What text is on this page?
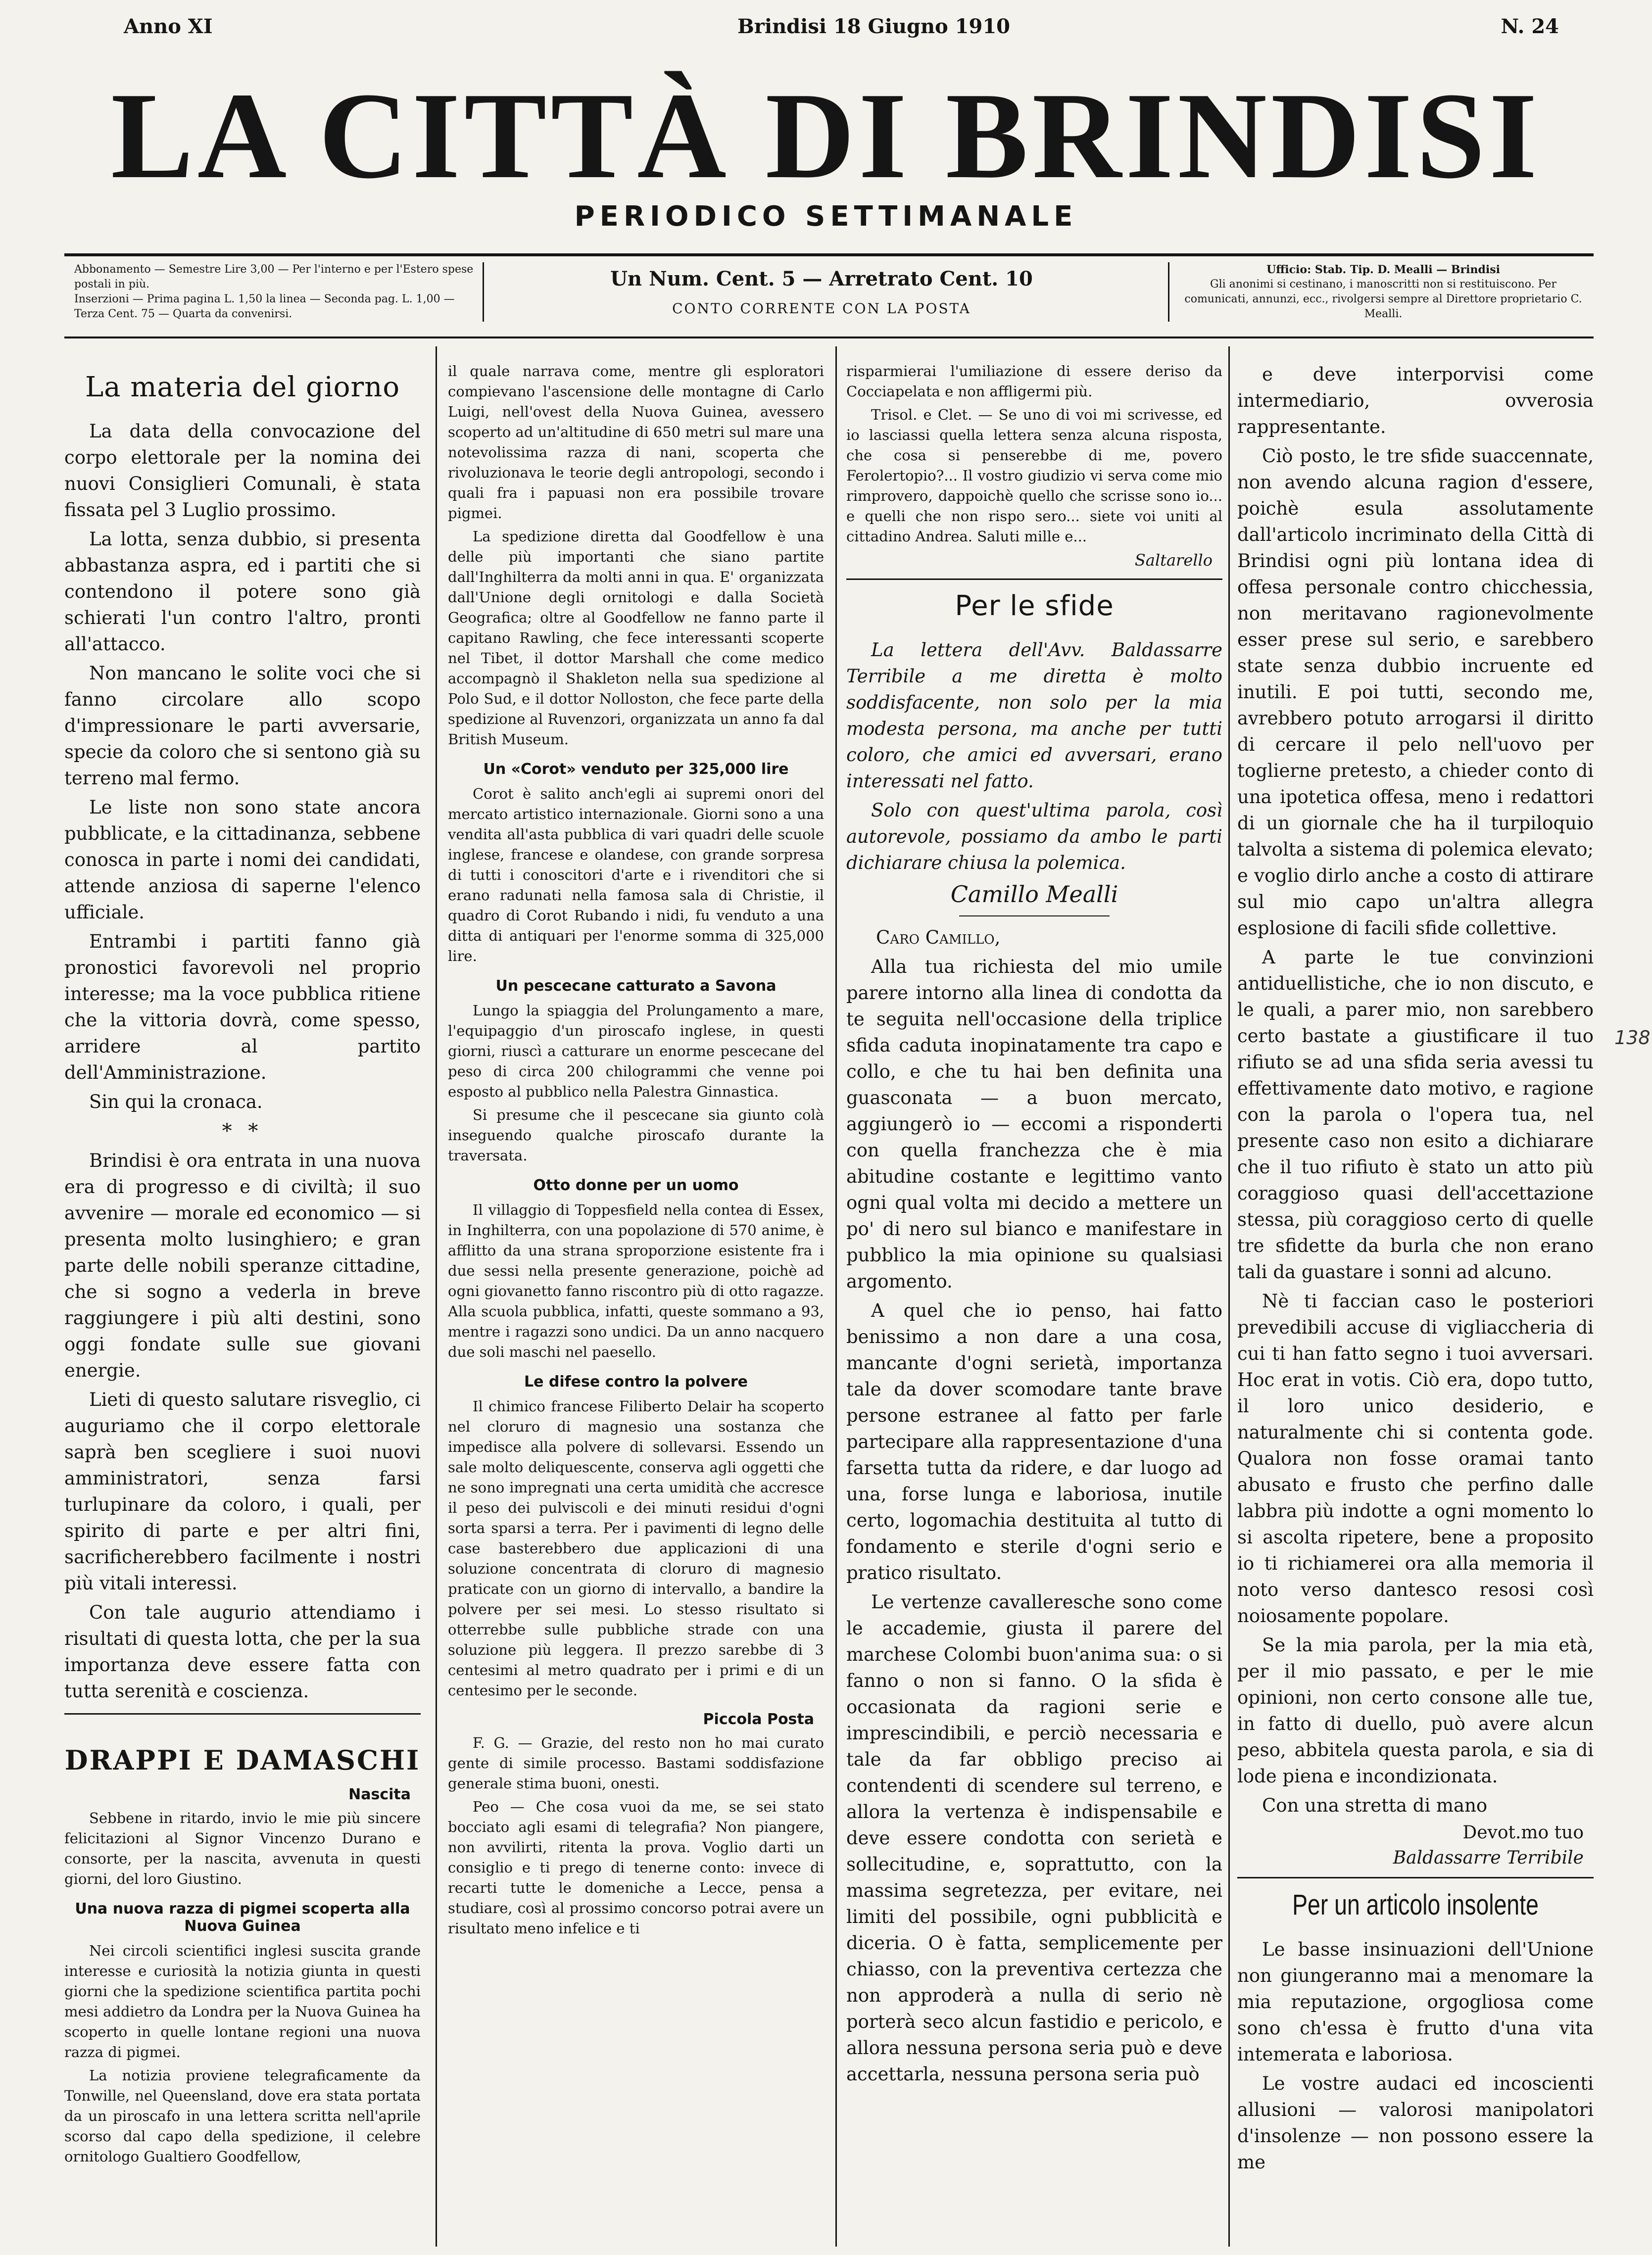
Anno XI	Brindisi 18 Giugno 1910	N. 24
LA CITTÀ DI BRINDISI
PERIODICO SETTIMANALE
Abbonamento — Semestre Lire 3,00 — Per l'interno e per l'Estero spese postali in più.
Inserzioni — Prima pagina L. 1,50 la linea — Seconda pag. L. 1,00 — Terza Cent. 75 — Quarta da convenirsi.
Un Num. Cent. 5 — Arretrato Cent. 10
CONTO CORRENTE CON LA POSTA
Ufficio: Stab. Tip. D. Mealli — Brindisi
Gli anonimi si cestinano, i manoscritti non si restituiscono. Per comunicati, annunzi, ecc., rivolgersi sempre al Direttore proprietario C. Mealli.
La materia del giorno

La data della convocazione del corpo elettorale per la nomina dei nuovi Consiglieri Comunali, è stata fissata pel 3 Luglio prossimo.

La lotta, senza dubbio, si presenta abbastanza aspra, ed i partiti che si contendono il potere sono già schierati l'un contro l'altro, pronti all'attacco.

Non mancano le solite voci che si fanno circolare allo scopo d'impressionare le parti avversarie, specie da coloro che si sentono già su terreno mal fermo.

Le liste non sono state ancora pubblicate, e la cittadinanza, sebbene conosca in parte i nomi dei candidati, attende anziosa di saperne l'elenco ufficiale.

Entrambi i partiti fanno già pronostici favorevoli nel proprio interesse; ma la voce pubblica ritiene che la vittoria dovrà, come spesso, arridere al partito dell'Amministrazione.

Sin qui la cronaca.

* *

Brindisi è ora entrata in una nuova era di progresso e di civiltà; il suo avvenire — morale ed economico — si presenta molto lusinghiero; e gran parte delle nobili speranze cittadine, che si sogno a vederla in breve raggiungere i più alti destini, sono oggi fondate sulle sue giovani energie.

Lieti di questo salutare risveglio, ci auguriamo che il corpo elettorale saprà ben scegliere i suoi nuovi amministratori, senza farsi turlupinare da coloro, i quali, per spirito di parte e per altri fini, sacrificherebbero facilmente i nostri più vitali interessi.

Con tale augurio attendiamo i risultati di questa lotta, che per la sua importanza deve essere fatta con tutta serenità e coscienza.

DRAPPI E DAMASCHI
Nascita

Sebbene in ritardo, invio le mie più sincere felicitazioni al Signor Vincenzo Durano e consorte, per la nascita, avvenuta in questi giorni, del loro Giustino.

Una nuova razza di pigmei scoperta alla Nuova Guinea

Nei circoli scientifici inglesi suscita grande interesse e curiosità la notizia giunta in questi giorni che la spedizione scientifica partita pochi mesi addietro da Londra per la Nuova Guinea ha scoperto in quelle lontane regioni una nuova razza di pigmei.

La notizia proviene telegraficamente da Tonwille, nel Queensland, dove era stata portata da un piroscafo in una lettera scritta nell'aprile scorso dal capo della spedizione, il celebre ornitologo Gualtiero Goodfellow,

il quale narrava come, mentre gli esploratori compievano l'ascensione delle montagne di Carlo Luigi, nell'ovest della Nuova Guinea, avessero scoperto ad un'altitudine di 650 metri sul mare una notevolissima razza di nani, scoperta che rivoluzionava le teorie degli antropologi, secondo i quali fra i papuasi non era possibile trovare pigmei.

La spedizione diretta dal Goodfellow è una delle più importanti che siano partite dall'Inghilterra da molti anni in qua. E' organizzata dall'Unione degli ornitologi e dalla Società Geografica; oltre al Goodfellow ne fanno parte il capitano Rawling, che fece interessanti scoperte nel Tibet, il dottor Marshall che come medico accompagnò il Shakleton nella sua spedizione al Polo Sud, e il dottor Nolloston, che fece parte della spedizione al Ruvenzori, organizzata un anno fa dal British Museum.

Un «Corot» venduto per 325,000 lire

Corot è salito anch'egli ai supremi onori del mercato artistico internazionale. Giorni sono a una vendita all'asta pubblica di vari quadri delle scuole inglese, francese e olandese, con grande sorpresa di tutti i conoscitori d'arte e i rivenditori che si erano radunati nella famosa sala di Christie, il quadro di Corot Rubando i nidi, fu venduto a una ditta di antiquari per l'enorme somma di 325,000 lire.

Un pescecane catturato a Savona

Lungo la spiaggia del Prolungamento a mare, l'equipaggio d'un piroscafo inglese, in questi giorni, riuscì a catturare un enorme pescecane del peso di circa 200 chilogrammi che venne poi esposto al pubblico nella Palestra Ginnastica.

Si presume che il pescecane sia giunto colà inseguendo qualche piroscafo durante la traversata.

Otto donne per un uomo

Il villaggio di Toppesfield nella contea di Essex, in Inghilterra, con una popolazione di 570 anime, è afflitto da una strana sproporzione esistente fra i due sessi nella presente generazione, poichè ad ogni giovanetto fanno riscontro più di otto ragazze. Alla scuola pubblica, infatti, queste sommano a 93, mentre i ragazzi sono undici. Da un anno nacquero due soli maschi nel paesello.

Le difese contro la polvere

Il chimico francese Filiberto Delair ha scoperto nel cloruro di magnesio una sostanza che impedisce alla polvere di sollevarsi. Essendo un sale molto deliquescente, conserva agli oggetti che ne sono impregnati una certa umidità che accresce il peso dei pulviscoli e dei minuti residui d'ogni sorta sparsi a terra. Per i pavimenti di legno delle case basterebbero due applicazioni di una soluzione concentrata di cloruro di magnesio praticate con un giorno di intervallo, a bandire la polvere per sei mesi. Lo stesso risultato si otterrebbe sulle pubbliche strade con una soluzione più leggera. Il prezzo sarebbe di 3 centesimi al metro quadrato per i primi e di un centesimo per le seconde.

Piccola Posta

F. G. — Grazie, del resto non ho mai curato gente di simile processo. Bastami soddisfazione generale stima buoni, onesti.

Peo — Che cosa vuoi da me, se sei stato bocciato agli esami di telegrafia? Non piangere, non avvilirti, ritenta la prova. Voglio darti un consiglio e ti prego di tenerne conto: invece di recarti tutte le domeniche a Lecce, pensa a studiare, così al prossimo concorso potrai avere un risultato meno infelice e ti

risparmierai l'umiliazione di essere deriso da Cocciapelata e non affligermi più.

Trisol. e Clet. — Se uno di voi mi scrivesse, ed io lasciassi quella lettera senza alcuna risposta, che cosa si penserebbe di me, povero Ferolertopio?... Il vostro giudizio vi serva come mio rimprovero, dappoichè quello che scrisse sono io... e quelli che non rispo sero... siete voi uniti al cittadino Andrea. Saluti mille e...

Saltarello
Per le sfide

La lettera dell'Avv. Baldassarre Terribile a me diretta è molto soddisfacente, non solo per la mia modesta persona, ma anche per tutti coloro, che amici ed avversari, erano interessati nel fatto.

Solo con quest'ultima parola, così autorevole, possiamo da ambo le parti dichiarare chiusa la polemica.

Camillo Mealli

Caro Camillo,

Alla tua richiesta del mio umile parere intorno alla linea di condotta da te seguita nell'occasione della triplice sfida caduta inopinatamente tra capo e collo, e che tu hai ben definita una guasconata — a buon mercato, aggiungerò io — eccomi a risponderti con quella franchezza che è mia abitudine costante e legittimo vanto ogni qual volta mi decido a mettere un po' di nero sul bianco e manifestare in pubblico la mia opinione su qualsiasi argomento.

A quel che io penso, hai fatto benissimo a non dare a una cosa, mancante d'ogni serietà, importanza tale da dover scomodare tante brave persone estranee al fatto per farle partecipare alla rappresentazione d'una farsetta tutta da ridere, e dar luogo ad una, forse lunga e laboriosa, inutile certo, logomachia destituita al tutto di fondamento e sterile d'ogni serio e pratico risultato.

Le vertenze cavalleresche sono come le accademie, giusta il parere del marchese Colombi buon'anima sua: o si fanno o non si fanno. O la sfida è occasionata da ragioni serie e imprescindibili, e perciò necessaria e tale da far obbligo preciso ai contendenti di scendere sul terreno, e allora la vertenza è indispensabile e deve essere condotta con serietà e sollecitudine, e, soprattutto, con la massima segretezza, per evitare, nei limiti del possibile, ogni pubblicità e diceria. O è fatta, semplicemente per chiasso, con la preventiva certezza che non approderà a nulla di serio nè porterà seco alcun fastidio e pericolo, e allora nessuna persona seria può e deve accettarla, nessuna persona seria può

e deve interporvisi come intermediario, ovverosia rappresentante.

Ciò posto, le tre sfide suaccennate, non avendo alcuna ragion d'essere, poichè esula assolutamente dall'articolo incriminato della Città di Brindisi ogni più lontana idea di offesa personale contro chicchessia, non meritavano ragionevolmente esser prese sul serio, e sarebbero state senza dubbio incruente ed inutili. E poi tutti, secondo me, avrebbero potuto arrogarsi il diritto di cercare il pelo nell'uovo per toglierne pretesto, a chieder conto di una ipotetica offesa, meno i redattori di un giornale che ha il turpiloquio talvolta a sistema di polemica elevato; e voglio dirlo anche a costo di attirare sul mio capo un'altra allegra esplosione di facili sfide collettive.

A parte le tue convinzioni antiduellistiche, che io non discuto, e le quali, a parer mio, non sarebbero certo bastate a giustificare il tuo rifiuto se ad una sfida seria avessi tu effettivamente dato motivo, e ragione con la parola o l'opera tua, nel presente caso non esito a dichiarare che il tuo rifiuto è stato un atto più coraggioso quasi dell'accettazione stessa, più coraggioso certo di quelle tre sfidette da burla che non erano tali da guastare i sonni ad alcuno.

Nè ti faccian caso le posteriori prevedibili accuse di vigliaccheria di cui ti han fatto segno i tuoi avversari. Hoc erat in votis. Ciò era, dopo tutto, il loro unico desiderio, e naturalmente chi si contenta gode. Qualora non fosse oramai tanto abusato e frusto che perfino dalle labbra più indotte a ogni momento lo si ascolta ripetere, bene a proposito io ti richiamerei ora alla memoria il noto verso dantesco resosi così noiosamente popolare.

Se la mia parola, per la mia età, per il mio passato, e per le mie opinioni, non certo consone alle tue, in fatto di duello, può avere alcun peso, abbitela questa parola, e sia di lode piena e incondizionata.

Con una stretta di mano

Devot.mo tuo
Baldassarre Terribile
Per un articolo insolente

Le basse insinuazioni dell'Unione non giungeranno mai a menomare la mia reputazione, orgogliosa come sono ch'essa è frutto d'una vita intemerata e laboriosa.

Le vostre audaci ed incoscienti allusioni — valorosi manipolatori d'insolenze — non possono essere la me

138
